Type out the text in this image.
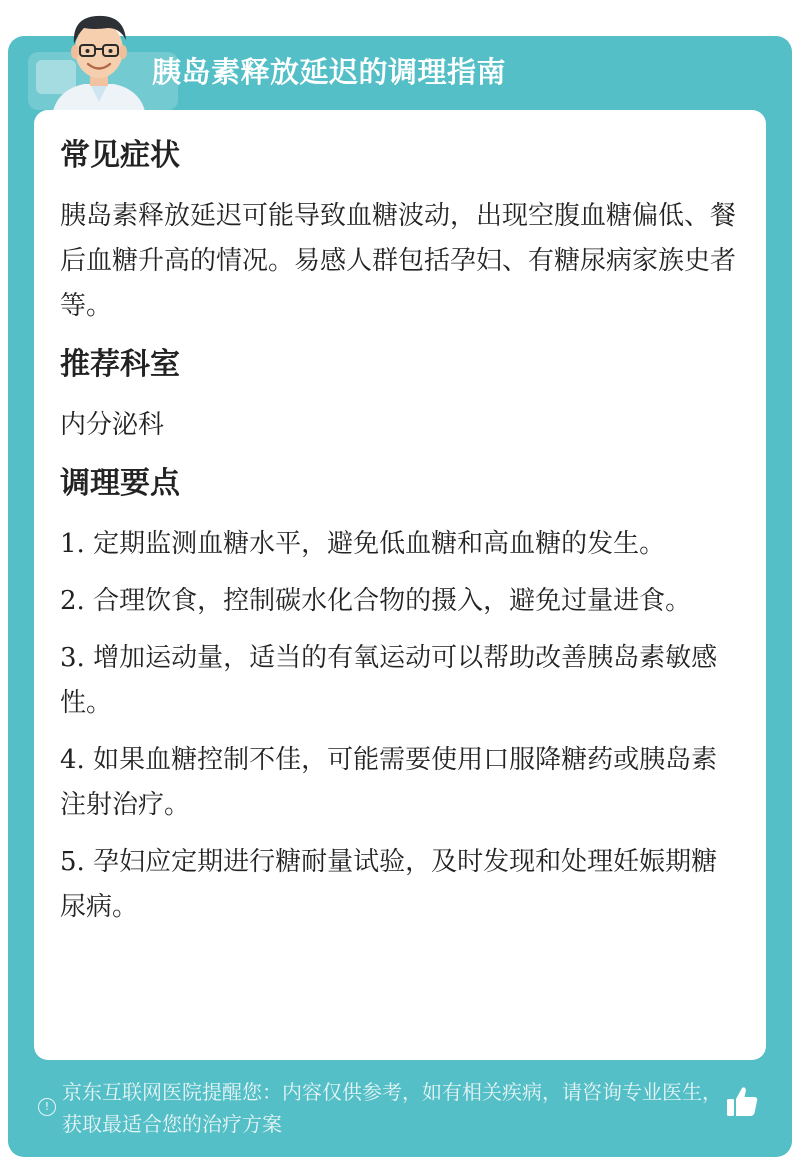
胰岛素释放延迟的调理指南
常见症状

胰岛素释放延迟可能导致血糖波动，出现空腹血糖偏低、餐后血糖升高的情况。易感人群包括孕妇、有糖尿病家族史者等。

推荐科室

内分泌科

调理要点

1. 定期监测血糖水平，避免低血糖和高血糖的发生。

2. 合理饮食，控制碳水化合物的摄入，避免过量进食。

3. 增加运动量，适当的有氧运动可以帮助改善胰岛素敏感性。

4. 如果血糖控制不佳，可能需要使用口服降糖药或胰岛素注射治疗。

5. 孕妇应定期进行糖耐量试验，及时发现和处理妊娠期糖尿病。

!
京东互联网医院提醒您：内容仅供参考，如有相关疾病，请咨询专业医生，获取最适合您的治疗方案
